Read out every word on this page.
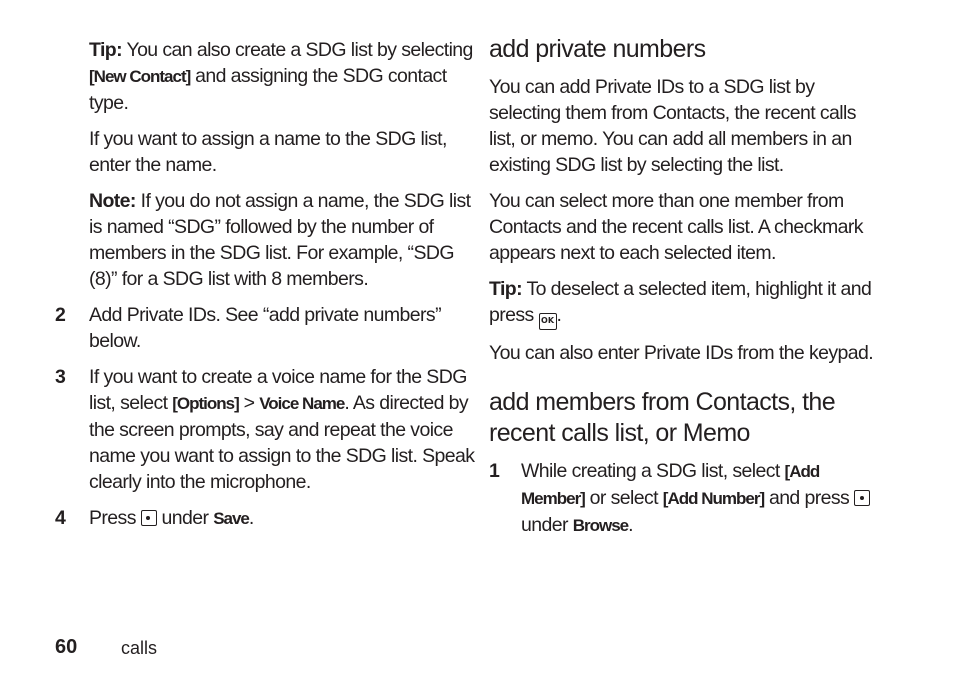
Tip: You can also create a SDG list by selecting [New Contact] and assigning the SDG contact type.

If you want to assign a name to the SDG list, enter the name.

Note: If you do not assign a name, the SDG list is named “SDG” followed by the number of members in the SDG list. For example, “SDG (8)” for a SDG list with 8 members.

2 Add Private IDs. See “add private numbers” below.

3 If you want to create a voice name for the SDG list, select [Options] > Voice Name. As directed by the screen prompts, say and repeat the voice name you want to assign to the SDG list. Speak clearly into the microphone.

4 Press
under Save.

add private numbers

You can add Private IDs to a SDG list by selecting them from Contacts, the recent calls list, or memo. You can add all members in an existing SDG list by selecting the list.

You can select more than one member from Contacts and the recent calls list. A checkmark appears next to each selected item.

Tip: To deselect a selected item, highlight it and press OK .

You can also enter Private IDs from the keypad.

add members from Contacts, the recent calls list, or Memo
1 While creating a SDG list, select [Add Member] or select [Add Number] and press
under Browse.

60 calls
